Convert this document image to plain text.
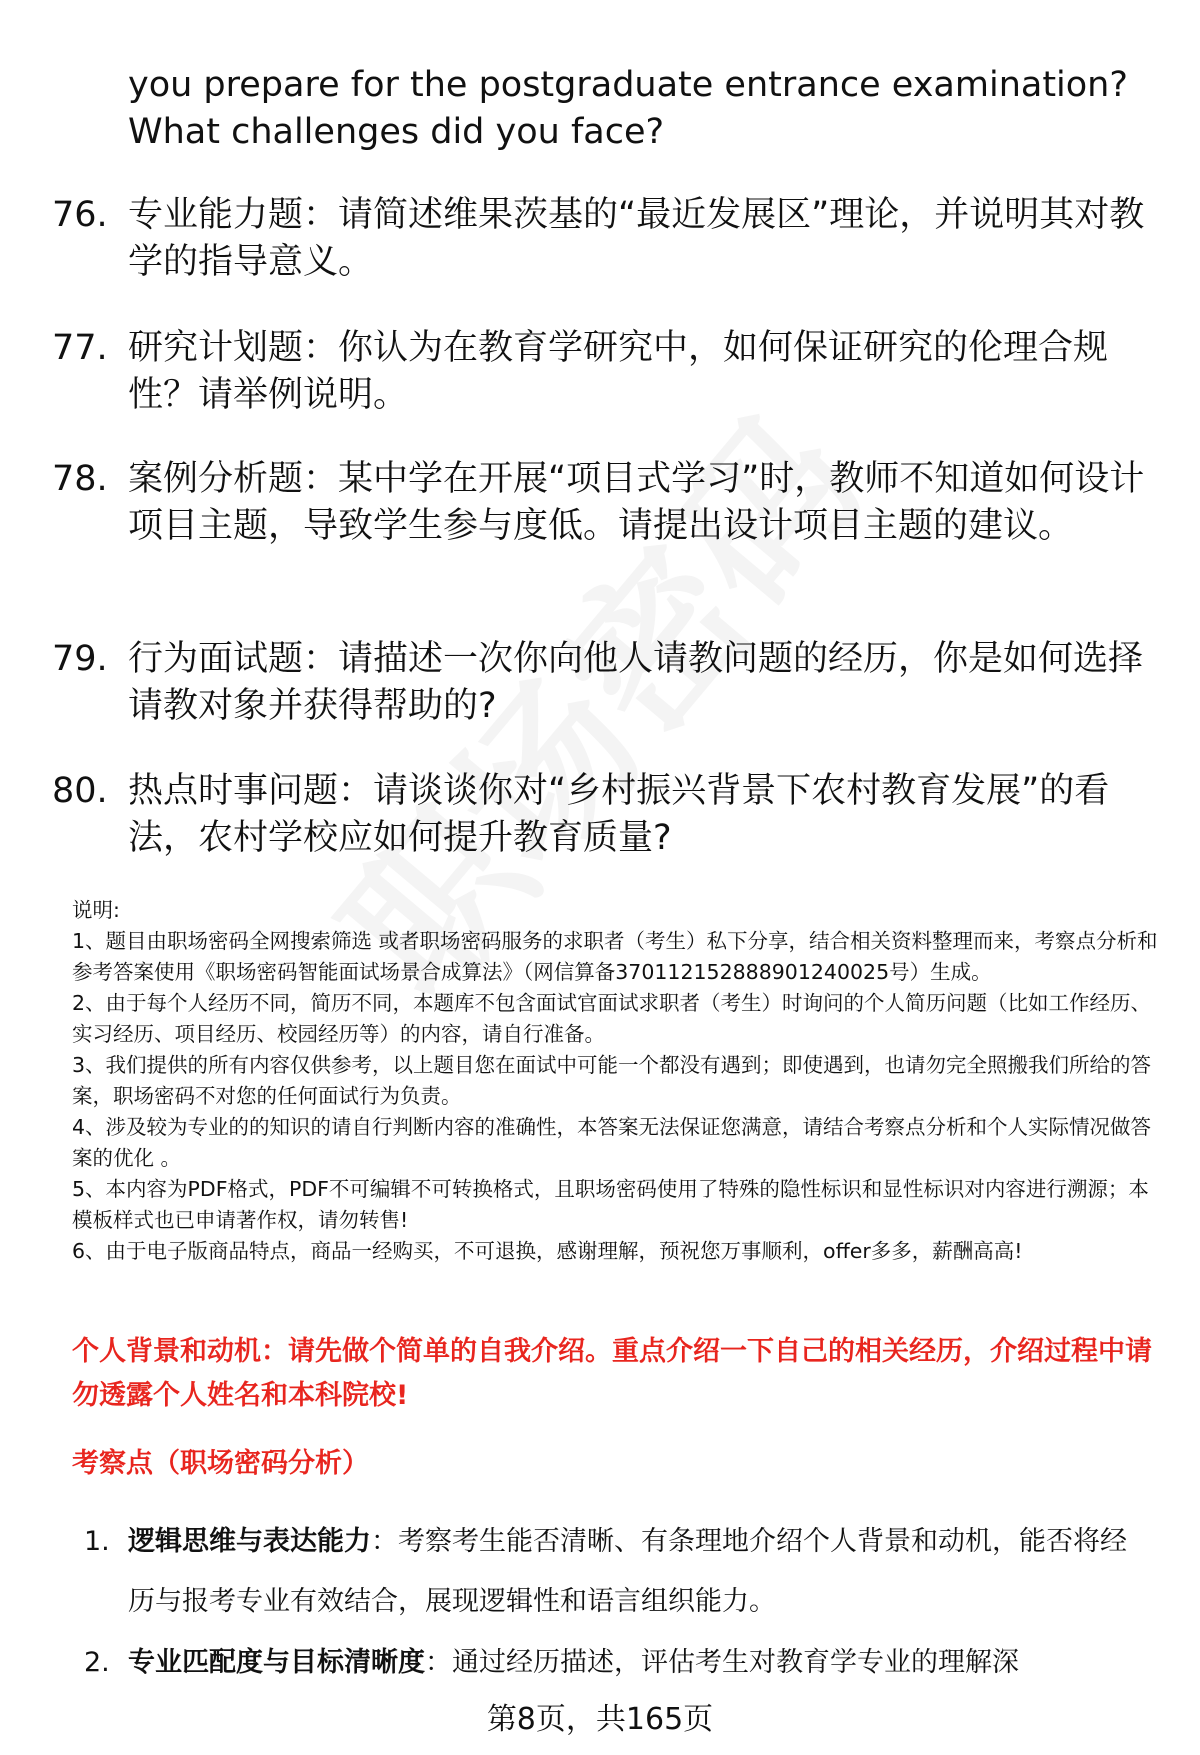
you prepare for the postgraduate entrance examination?
What challenges did you face?
76. 专业能力题：请简述维果茨基的“最近发展区”理论，并说明其对教学的指导意义。
77. 研究计划题：你认为在教育学研究中，如何保证研究的伦理合规性？请举例说明。
78. 案例分析题：某中学在开展“项目式学习”时，教师不知道如何设计项目主题，导致学生参与度低。请提出设计项目主题的建议。
79. 行为面试题：请描述一次你向他人请教问题的经历，你是如何选择请教对象并获得帮助的?
80. 热点时事问题：请谈谈你对“乡村振兴背景下农村教育发展”的看法，农村学校应如何提升教育质量?
说明:
1、题目由职场密码全网搜索筛选 或者职场密码服务的求职者（考生）私下分享，结合相关资料整理而来，考察点分析和参考答案使用《职场密码智能面试场景合成算法》（网信算备370112152888901240025号）生成。
2、由于每个人经历不同，简历不同，本题库不包含面试官面试求职者（考生）时询问的个人简历问题（比如工作经历、实习经历、项目经历、校园经历等）的内容，请自行准备。
3、我们提供的所有内容仅供参考，以上题目您在面试中可能一个都没有遇到；即使遇到，也请勿完全照搬我们所给的答案，职场密码不对您的任何面试行为负责。
4、涉及较为专业的的知识的请自行判断内容的准确性，本答案无法保证您满意，请结合考察点分析和个人实际情况做答案的优化 。
5、本内容为PDF格式，PDF不可编辑不可转换格式，且职场密码使用了特殊的隐性标识和显性标识对内容进行溯源；本模板样式也已申请著作权，请勿转售!
6、由于电子版商品特点，商品一经购买，不可退换，感谢理解，预祝您万事顺利，offer多多，薪酬高高!
个人背景和动机：请先做个简单的自我介绍。重点介绍一下自己的相关经历，介绍过程中请勿透露个人姓名和本科院校!
考察点（职场密码分析）
1. 逻辑思维与表达能力：考察考生能否清晰、有条理地介绍个人背景和动机，能否将经历与报考专业有效结合，展现逻辑性和语言组织能力。
2. 专业匹配度与目标清晰度：通过经历描述，评估考生对教育学专业的理解深
第8页，共165页
